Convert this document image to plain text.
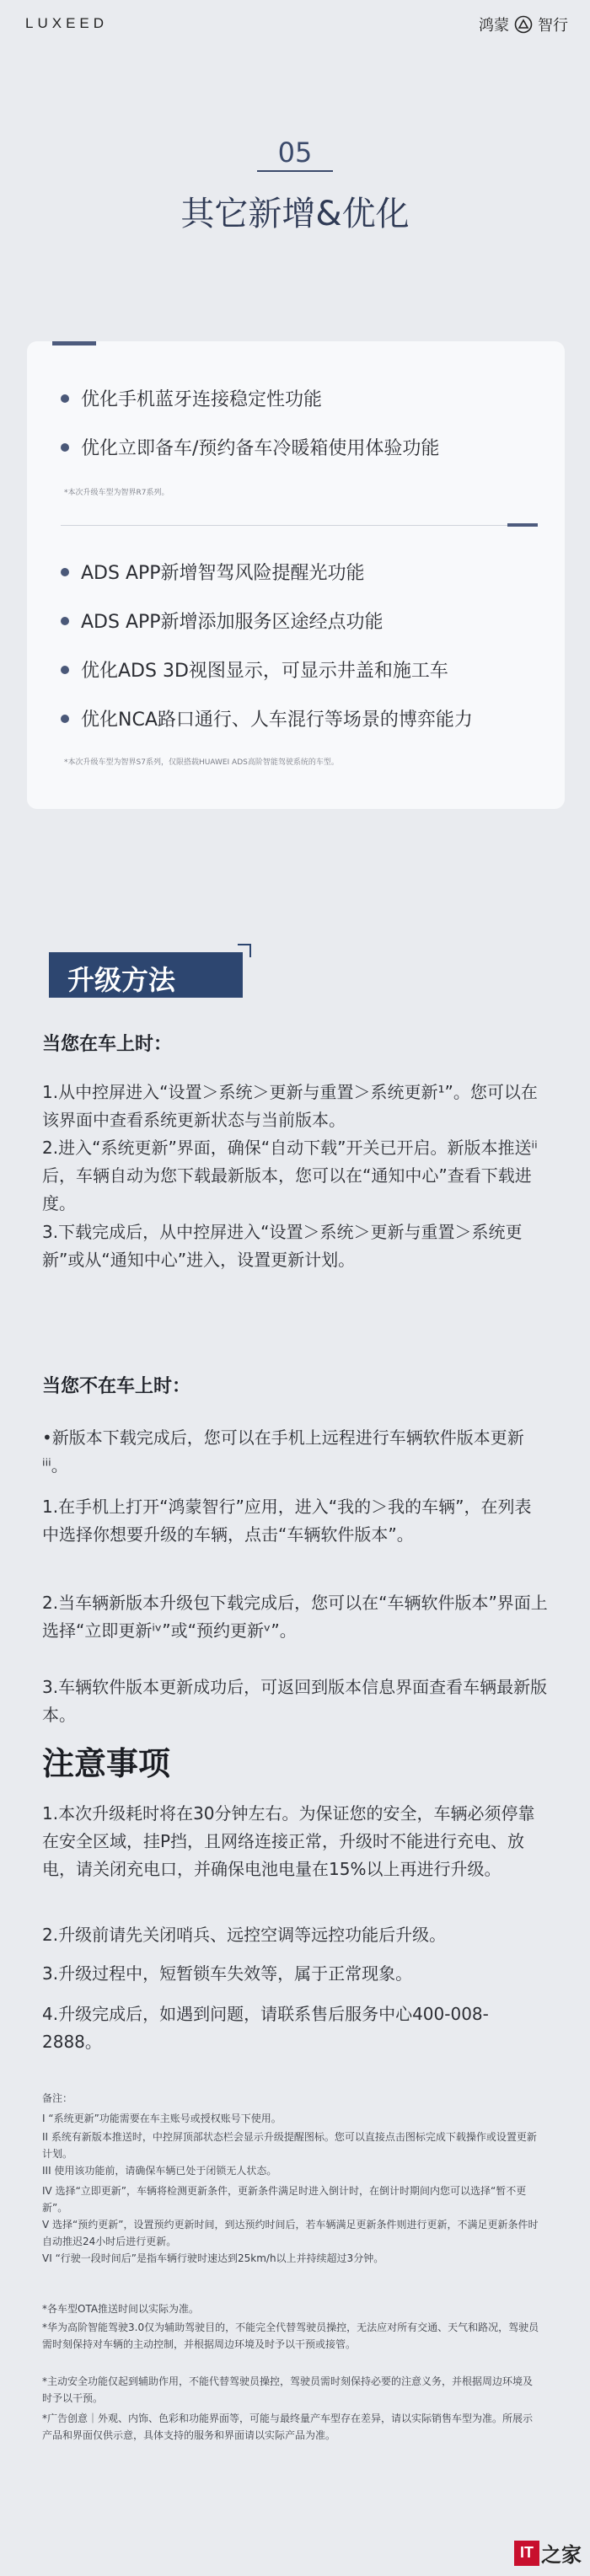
LUXEED	鸿蒙 智行
05
其它新增&优化
优化手机蓝牙连接稳定性功能
优化立即备车/预约备车冷暖箱使用体验功能
*本次升级车型为智界R7系列。
ADS APP新增智驾风险提醒光功能
ADS APP新增添加服务区途经点功能
优化ADS 3D视图显示，可显示井盖和施工车
优化NCA路口通行、人车混行等场景的博弈能力
*本次升级车型为智界S7系列，仅限搭载HUAWEI ADS高阶智能驾驶系统的车型。
升级方法
当您在车上时：
1.从中控屏进入“设置＞系统＞更新与重置＞系统更新¹”。您可以在该界面中查看系统更新状态与当前版本。
2.进入“系统更新”界面，确保“自动下载”开关已开启。新版本推送ⁱⁱ后，车辆自动为您下载最新版本，您可以在“通知中心”查看下载进度。
3.下载完成后，从中控屏进入“设置＞系统＞更新与重置＞系统更新”或从“通知中心”进入，设置更新计划。
当您不在车上时：
•新版本下载完成后，您可以在手机上远程进行车辆软件版本更新ⁱⁱⁱ。
1.在手机上打开“鸿蒙智行”应用，进入“我的＞我的车辆”，在列表中选择你想要升级的车辆，点击“车辆软件版本”。
2.当车辆新版本升级包下载完成后，您可以在“车辆软件版本”界面上选择“立即更新ⁱᵛ”或“预约更新ᵛ”。
3.车辆软件版本更新成功后，可返回到版本信息界面查看车辆最新版本。
注意事项
1.本次升级耗时将在30分钟左右。为保证您的安全，车辆必须停靠在安全区域，挂P挡，且网络连接正常，升级时不能进行充电、放电，请关闭充电口，并确保电池电量在15%以上再进行升级。
2.升级前请先关闭哨兵、远控空调等远控功能后升级。
3.升级过程中，短暂锁车失效等，属于正常现象。
4.升级完成后，如遇到问题，请联系售后服务中心400-008-2888。
备注：
I “系统更新”功能需要在车主账号或授权账号下使用。
II 系统有新版本推送时，中控屏顶部状态栏会显示升级提醒图标。您可以直接点击图标完成下载操作或设置更新计划。
III 使用该功能前，请确保车辆已处于闭锁无人状态。
IV 选择“立即更新”，车辆将检测更新条件，更新条件满足时进入倒计时，在倒计时期间内您可以选择“暂不更新”。
V 选择“预约更新”，设置预约更新时间，到达预约时间后，若车辆满足更新条件则进行更新，不满足更新条件时自动推迟24小时后进行更新。
VI “行驶一段时间后”是指车辆行驶时速达到25km/h以上并持续超过3分钟。
*各车型OTA推送时间以实际为准。
*华为高阶智能驾驶3.0仅为辅助驾驶目的，不能完全代替驾驶员操控，无法应对所有交通、天气和路况，驾驶员需时刻保持对车辆的主动控制，并根据周边环境及时予以干预或接管。
*主动安全功能仅起到辅助作用，不能代替驾驶员操控，驾驶员需时刻保持必要的注意义务，并根据周边环境及时予以干预。
*广告创意｜外观、内饰、色彩和功能界面等，可能与最终量产车型存在差异，请以实际销售车型为准。所展示产品和界面仅供示意，具体支持的服务和界面请以实际产品为准。
IT 之家
